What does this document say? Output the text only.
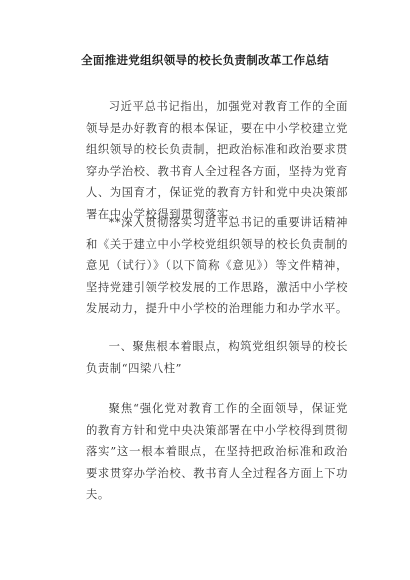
全面推进党组织领导的校长负责制改革工作总结

习近平总书记指出，加强党对教育工作的全面领导是办好教育的根本保证，要在中小学校建立党组织领导的校长负责制，把政治标准和政治要求贯穿办学治校、教书育人全过程各方面，坚持为党育人、为国育才，保证党的教育方针和党中央决策部署在中小学校得到贯彻落实。

**深入贯彻落实习近平总书记的重要讲话精神和《关于建立中小学校党组织领导的校长负责制的意见（试行）》（以下简称《意见》）等文件精神，坚持党建引领学校发展的工作思路，激活中小学校发展动力，提升中小学校的治理能力和办学水平。

一、聚焦根本着眼点，构筑党组织领导的校长负责制“四梁八柱”

聚焦“强化党对教育工作的全面领导，保证党的教育方针和党中央决策部署在中小学校得到贯彻落实”这一根本着眼点，在坚持把政治标准和政治要求贯穿办学治校、教书育人全过程各方面上下功夫。
